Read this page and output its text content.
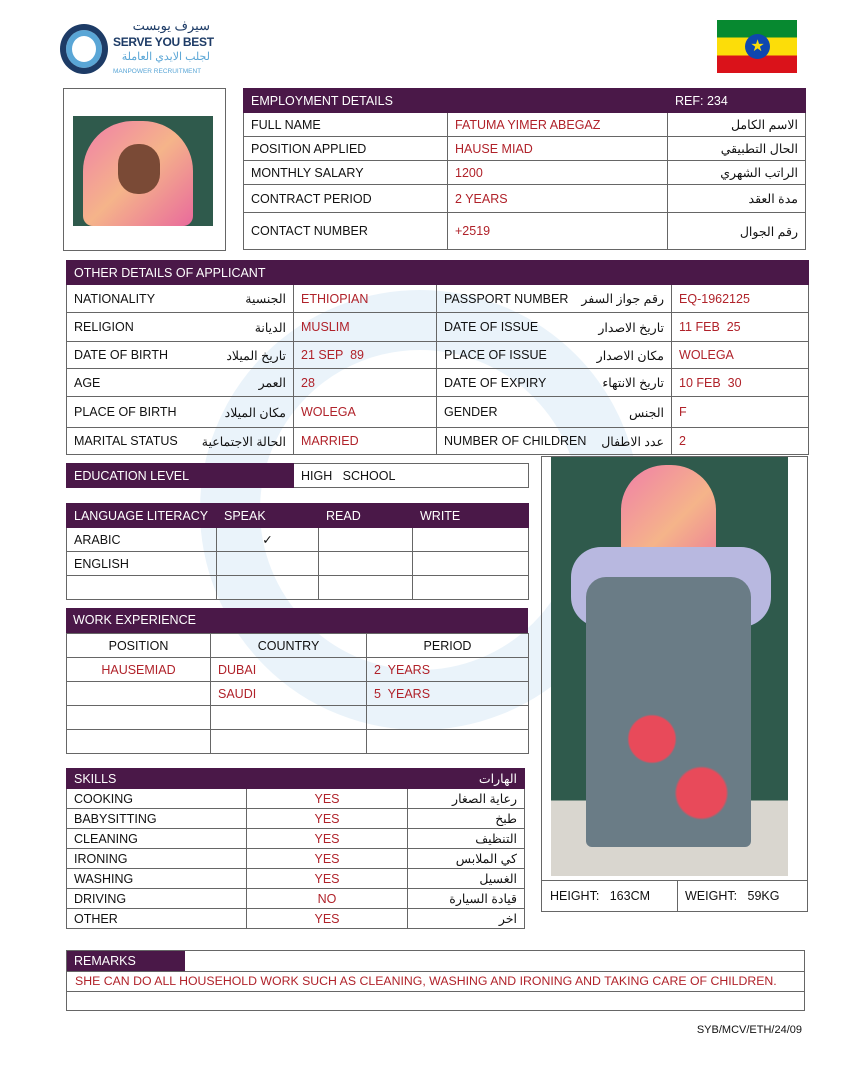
سيرف يوبست
SERVE YOU BEST
لجلب الايدي العاملة
MANPOWER RECRUITMENT
★
EMPLOYMENT DETAILS		REF: 234
FULL NAME	FATUMA YIMER ABEGAZ	الاسم الكامل
POSITION APPLIED	HAUSE MIAD	الحال التطبيقي
MONTHLY SALARY	1200	الراتب الشهري
CONTRACT PERIOD	2 YEARS	مدة العقد
CONTACT NUMBER	+2519	رقم الجوال
OTHER DETAILS OF APPLICANT			

NATIONALITY الجنسية	ETHIOPIAN	PASSPORT NUMBER رقم جواز السفر	EQ-1962125

RELIGION الديانة	MUSLIM	DATE OF ISSUE تاريخ الاصدار	11 FEB  25

DATE OF BIRTH تاريخ الميلاد	21 SEP  89	PLACE OF ISSUE مكان الاصدار	WOLEGA

AGE العمر	28	DATE OF EXPIRY تاريخ الانتهاء	10 FEB  30

PLACE OF BIRTH مكان الميلاد	WOLEGA	GENDER الجنس	F

MARITAL STATUS الحالة الاجتماعية	MARRIED	NUMBER OF CHILDREN عدد الاطفال	2
EDUCATION LEVEL	HIGH   SCHOOL
LANGUAGE LITERACY	SPEAK	READ	WRITE
ARABIC	✓		
ENGLISH			

WORK EXPERIENCE
POSITION	COUNTRY	PERIOD
HAUSEMIAD	DUBAI	2  YEARS
	SAUDI	5  YEARS

HEIGHT:   163CM	WEIGHT:   59KG
SKILLS		الهارات
COOKING	YES	رعاية الصغار
BABYSITTING	YES	طبخ
CLEANING	YES	التنظيف
IRONING	YES	كي الملابس
WASHING	YES	الغسيل
DRIVING	NO	قيادة السيارة
OTHER	YES	اخر
REMARKS
SHE CAN DO ALL HOUSEHOLD WORK SUCH AS CLEANING, WASHING AND IRONING AND TAKING CARE OF CHILDREN.
SYB/MCV/ETH/24/09
